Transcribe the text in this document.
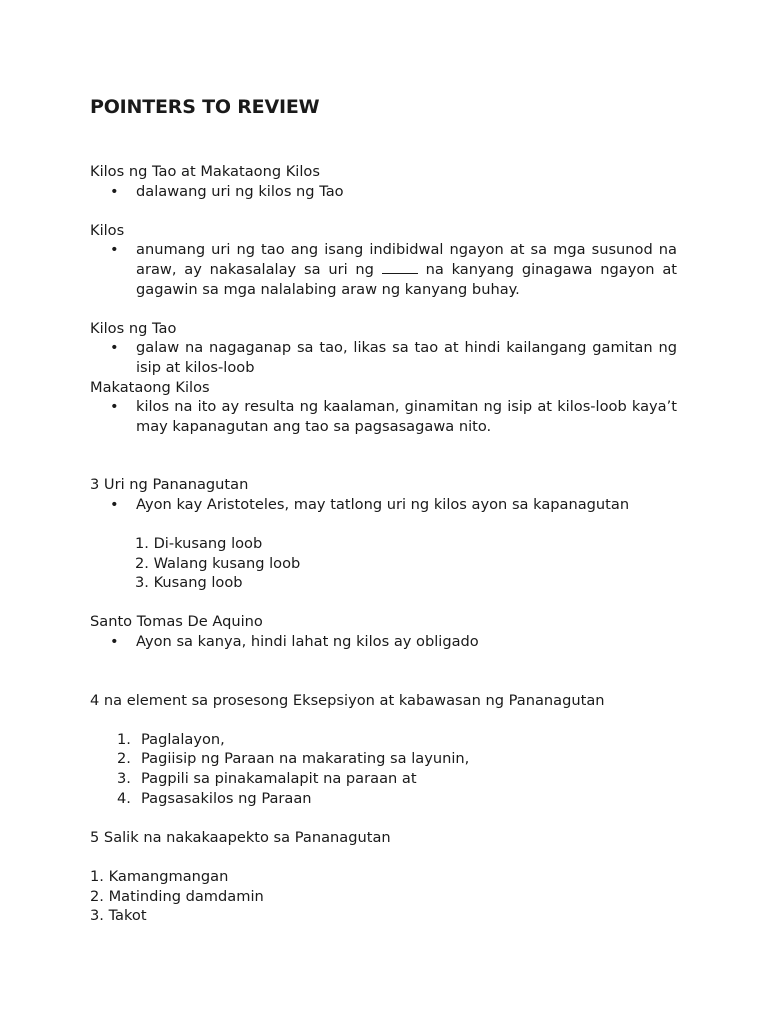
POINTERS TO REVIEW

Kilos ng Tao at Makataong Kilos

• dalawang uri ng kilos ng Tao

Kilos

• anumang uri ng tao ang isang indibidwal ngayon at sa mga susunod na araw, ay nakasalalay sa uri ng	na kanyang ginagawa ngayon at gagawin sa mga nalalabing araw ng kanyang buhay.

Kilos ng Tao

• galaw na nagaganap sa tao, likas sa tao at hindi kailangang gamitan ng isip at kilos-loob

Makataong Kilos

• kilos na ito ay resulta ng kaalaman, ginamitan ng isip at kilos-loob kaya’t may kapanagutan ang tao sa pagsasagawa nito.

3 Uri ng Pananagutan

• Ayon kay Aristoteles, may tatlong uri ng kilos ayon sa kapanagutan

1. Di-kusang loob

2. Walang kusang loob

3. Kusang loob

Santo Tomas De Aquino

• Ayon sa kanya, hindi lahat ng kilos ay obligado

4 na element sa prosesong Eksepsiyon at kabawasan ng Pananagutan

1. Paglalayon,

2. Pagiisip ng Paraan na makarating sa layunin,

3. Pagpili sa pinakamalapit na paraan at

4. Pagsasakilos ng Paraan

5 Salik na nakakaapekto sa Pananagutan

1. Kamangmangan

2. Matinding damdamin

3. Takot
